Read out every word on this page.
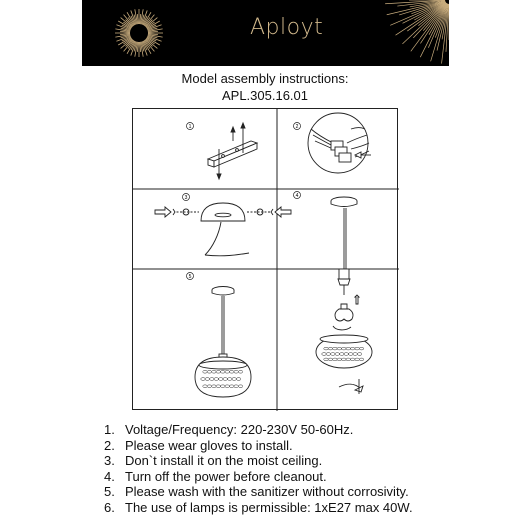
Aployt
Model assembly instructions:
APL.305.16.01
1	2
3	4
5
1. Voltage/Frequency: 220-230V 50-60Hz.
2. Please wear gloves to install.
3. Don`t install it on the moist ceiling.
4. Turn off the power before cleanout.
5. Please wash with the sanitizer without corrosivity.
6. The use of lamps is permissible: 1xE27 max 40W.
